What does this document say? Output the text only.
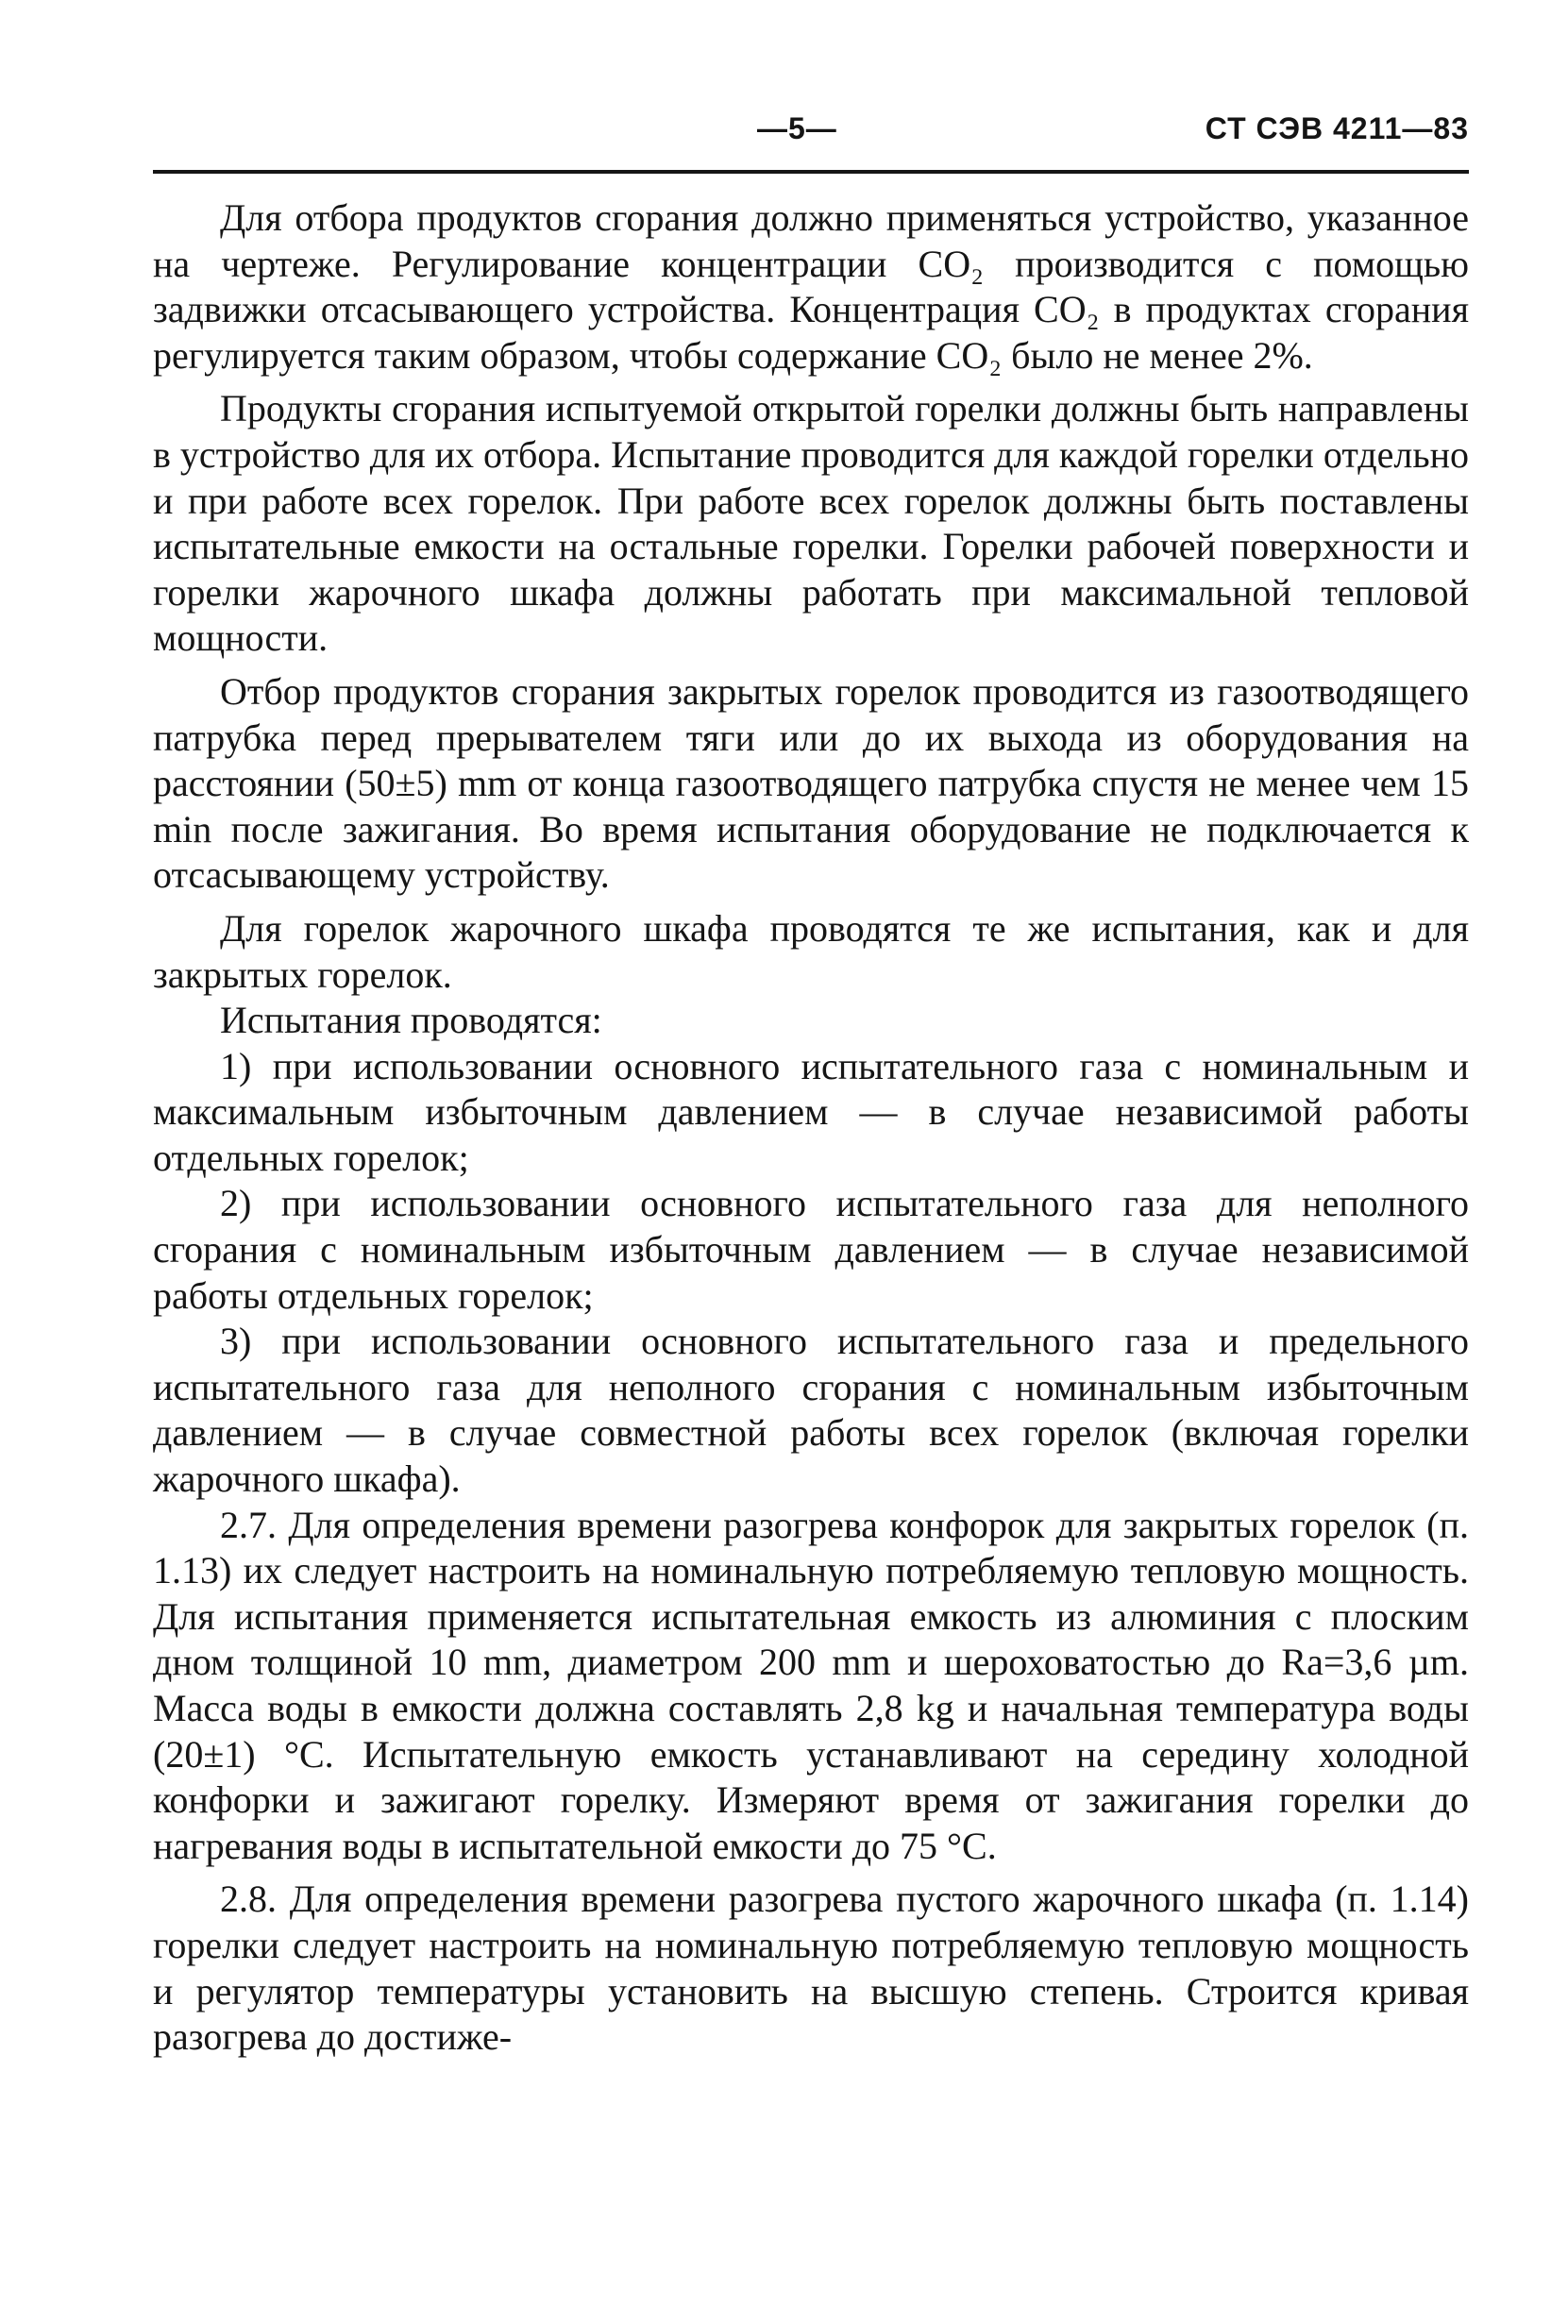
—5—	СТ СЭВ 4211—83

Для отбора продуктов сгорания должно применяться устройство, указанное на чертеже. Регулирование концентрации СО₂ производится с помощью задвижки отсасывающего устройства. Концентрация СО₂ в продуктах сгорания регулируется таким образом, чтобы содержание СО₂ было не менее 2%.

Продукты сгорания испытуемой открытой горелки должны быть направлены в устройство для их отбора. Испытание проводится для каждой горелки отдельно и при работе всех горелок. При работе всех горелок должны быть поставлены испытательные емкости на остальные горелки. Горелки рабочей поверхности и горелки жарочного шкафа должны работать при максимальной тепловой мощности.

Отбор продуктов сгорания закрытых горелок проводится из газоотводящего патрубка перед прерывателем тяги или до их выхода из оборудования на расстоянии (50±5) mm от конца газоотводящего патрубка спустя не менее чем 15 min после зажигания. Во время испытания оборудование не подключается к отсасывающему устройству.

Для горелок жарочного шкафа проводятся те же испытания, как и для закрытых горелок.

Испытания проводятся:

1) при использовании основного испытательного газа с номинальным и максимальным избыточным давлением — в случае независимой работы отдельных горелок;

2) при использовании основного испытательного газа для неполного сгорания с номинальным избыточным давлением — в случае независимой работы отдельных горелок;

3) при использовании основного испытательного газа и предельного испытательного газа для неполного сгорания с номинальным избыточным давлением — в случае совместной работы всех горелок (включая горелки жарочного шкафа).

2.7. Для определения времени разогрева конфорок для закрытых горелок (п. 1.13) их следует настроить на номинальную потребляемую тепловую мощность. Для испытания применяется испытательная емкость из алюминия с плоским дном толщиной 10 mm, диаметром 200 mm и шероховатостью до Ra=3,6 µm. Масса воды в емкости должна составлять 2,8 kg и начальная температура воды (20±1) °С. Испытательную емкость устанавливают на середину холодной конфорки и зажигают горелку. Измеряют время от зажигания горелки до нагревания воды в испытательной емкости до 75 °С.

2.8. Для определения времени разогрева пустого жарочного шкафа (п. 1.14) горелки следует настроить на номинальную потребляемую тепловую мощность и регулятор температуры установить на высшую степень. Строится кривая разогрева до достиже-
